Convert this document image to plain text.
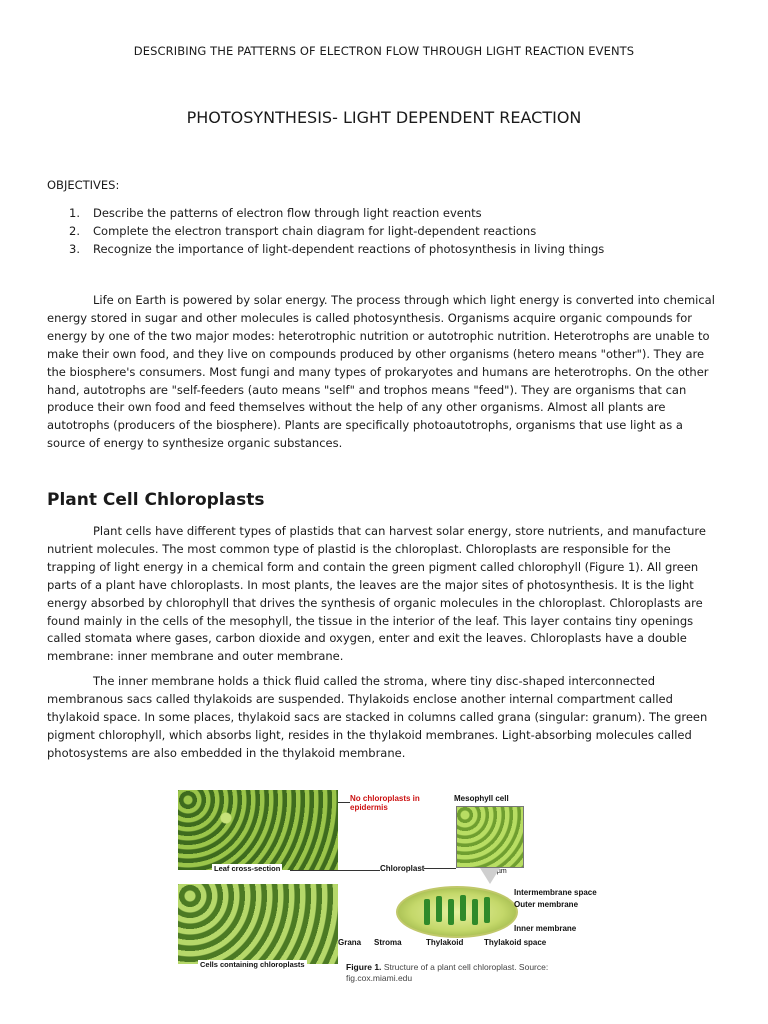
DESCRIBING THE PATTERNS OF ELECTRON FLOW THROUGH LIGHT REACTION EVENTS
PHOTOSYNTHESIS- LIGHT DEPENDENT REACTION
OBJECTIVES:
1.	Describe the patterns of electron flow through light reaction events
2.	Complete the electron transport chain diagram for light-dependent reactions
3.	Recognize the importance of light-dependent reactions of photosynthesis in living things

Life on Earth is powered by solar energy. The process through which light energy is converted into chemical energy stored in sugar and other molecules is called photosynthesis. Organisms acquire organic compounds for energy by one of the two major modes: heterotrophic nutrition or autotrophic nutrition. Heterotrophs are unable to make their own food, and they live on compounds produced by other organisms (hetero means "other"). They are the biosphere's consumers. Most fungi and many types of prokaryotes and humans are heterotrophs. On the other hand, autotrophs are "self-feeders (auto means "self" and trophos means "feed"). They are organisms that can produce their own food and feed themselves without the help of any other organisms. Almost all plants are autotrophs (producers of the biosphere). Plants are specifically photoautotrophs, organisms that use light as a source of energy to synthesize organic substances.

Plant Cell Chloroplasts

Plant cells have different types of plastids that can harvest solar energy, store nutrients, and manufacture nutrient molecules. The most common type of plastid is the chloroplast. Chloroplasts are responsible for the trapping of light energy in a chemical form and contain the green pigment called chlorophyll (Figure 1). All green parts of a plant have chloroplasts. In most plants, the leaves are the major sites of photosynthesis. It is the light energy absorbed by chlorophyll that drives the synthesis of organic molecules in the chloroplast. Chloroplasts are found mainly in the cells of the mesophyll, the tissue in the interior of the leaf. This layer contains tiny openings called stomata where gases, carbon dioxide and oxygen, enter and exit the leaves. Chloroplasts have a double membrane: inner membrane and outer membrane.

The inner membrane holds a thick fluid called the stroma, where tiny disc-shaped interconnected membranous sacs called thylakoids are suspended. Thylakoids enclose another internal compartment called thylakoid space. In some places, thylakoid sacs are stacked in columns called grana (singular: granum). The green pigment chlorophyll, which absorbs light, resides in the thylakoid membranes. Light-absorbing molecules called photosystems are also embedded in the thylakoid membrane.

Leaf cross-section
Cells containing chloroplasts
No chloroplasts in epidermis
Mesophyll cell
5 µm
Chloroplast
Intermembrane space
Outer membrane
Inner membrane
Grana Stroma	Thylakoid	Thylakoid space
Figure 1. Structure of a plant cell chloroplast. Source: fig.cox.miami.edu
